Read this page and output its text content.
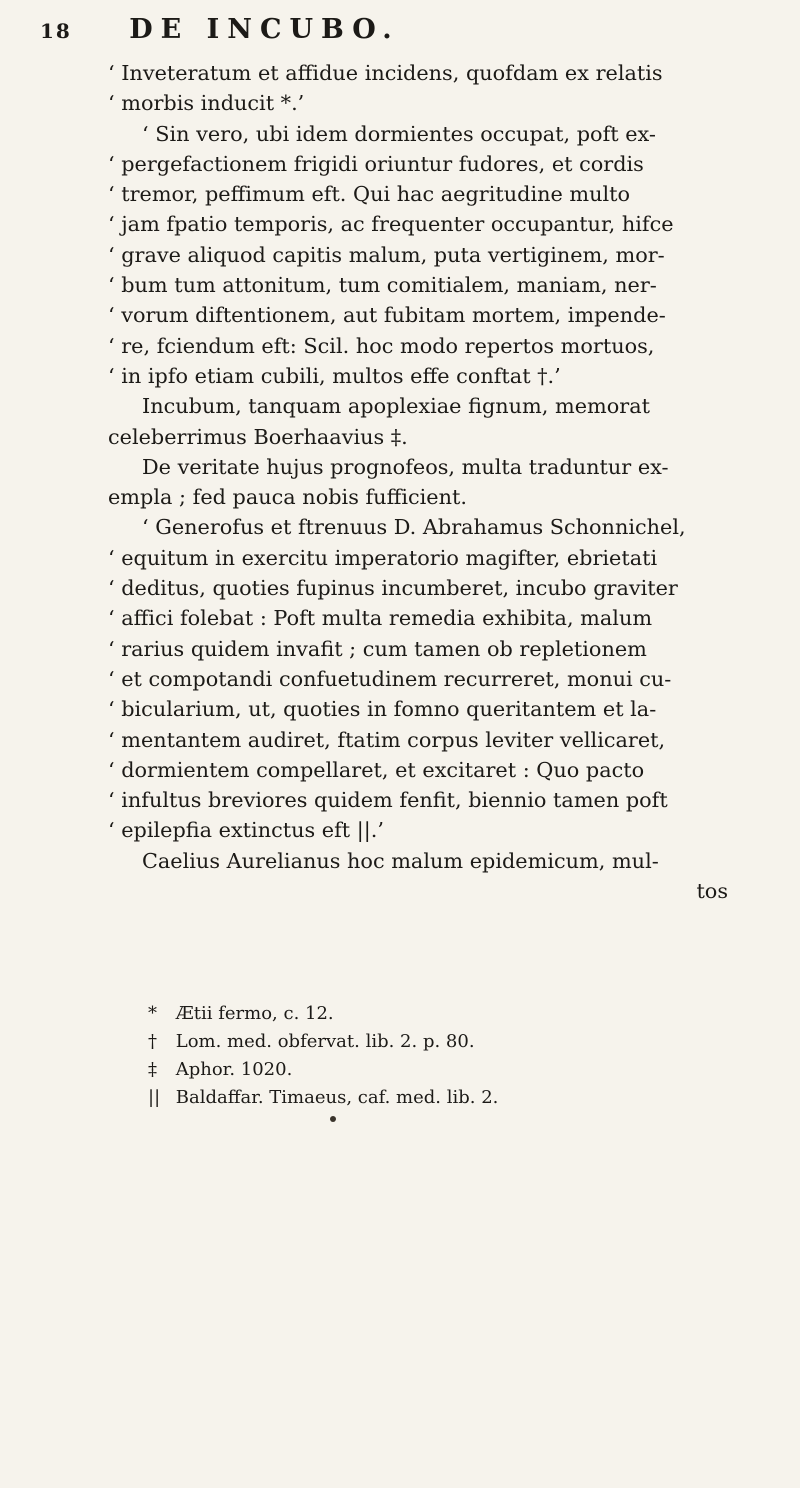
18 DE INCUBO.
‘ Inveteratum et affidue incidens, quofdam ex relatis
‘ morbis inducit *.’
‘ Sin vero, ubi idem dormientes occupat, poft ex-
‘ pergefactionem frigidi oriuntur fudores, et cordis
‘ tremor, peffimum eft. Qui hac aegritudine multo
‘ jam fpatio temporis, ac frequenter occupantur, hifce
‘ grave aliquod capitis malum, puta vertiginem, mor-
‘ bum tum attonitum, tum comitialem, maniam, ner-
‘ vorum diftentionem, aut fubitam mortem, impende-
‘ re, fciendum eft: Scil. hoc modo repertos mortuos,
‘ in ipfo etiam cubili, multos effe conftat †.’
Incubum, tanquam apoplexiae fignum, memorat
celeberrimus Boerhaavius ‡.
De veritate hujus prognofeos, multa traduntur ex-
empla ; fed pauca nobis fufficient.
‘ Generofus et ftrenuus D. Abrahamus Schonnichel,
‘ equitum in exercitu imperatorio magifter, ebrietati
‘ deditus, quoties fupinus incumberet, incubo graviter
‘ affici folebat : Poft multa remedia exhibita, malum
‘ rarius quidem invafit ; cum tamen ob repletionem
‘ et compotandi confuetudinem recurreret, monui cu-
‘ bicularium, ut, quoties in fomno queritantem et la-
‘ mentantem audiret, ftatim corpus leviter vellicaret,
‘ dormientem compellaret, et excitaret : Quo pacto
‘ infultus breviores quidem fenfit, biennio tamen poft
‘ epilepfia extinctus eft ||.’
Caelius Aurelianus hoc malum epidemicum, mul-
tos
* Ætii fermo, c. 12.
† Lom. med. obfervat. lib. 2. p. 80.
‡ Aphor. 1020.
|| Baldaffar. Timaeus, caf. med. lib. 2.
